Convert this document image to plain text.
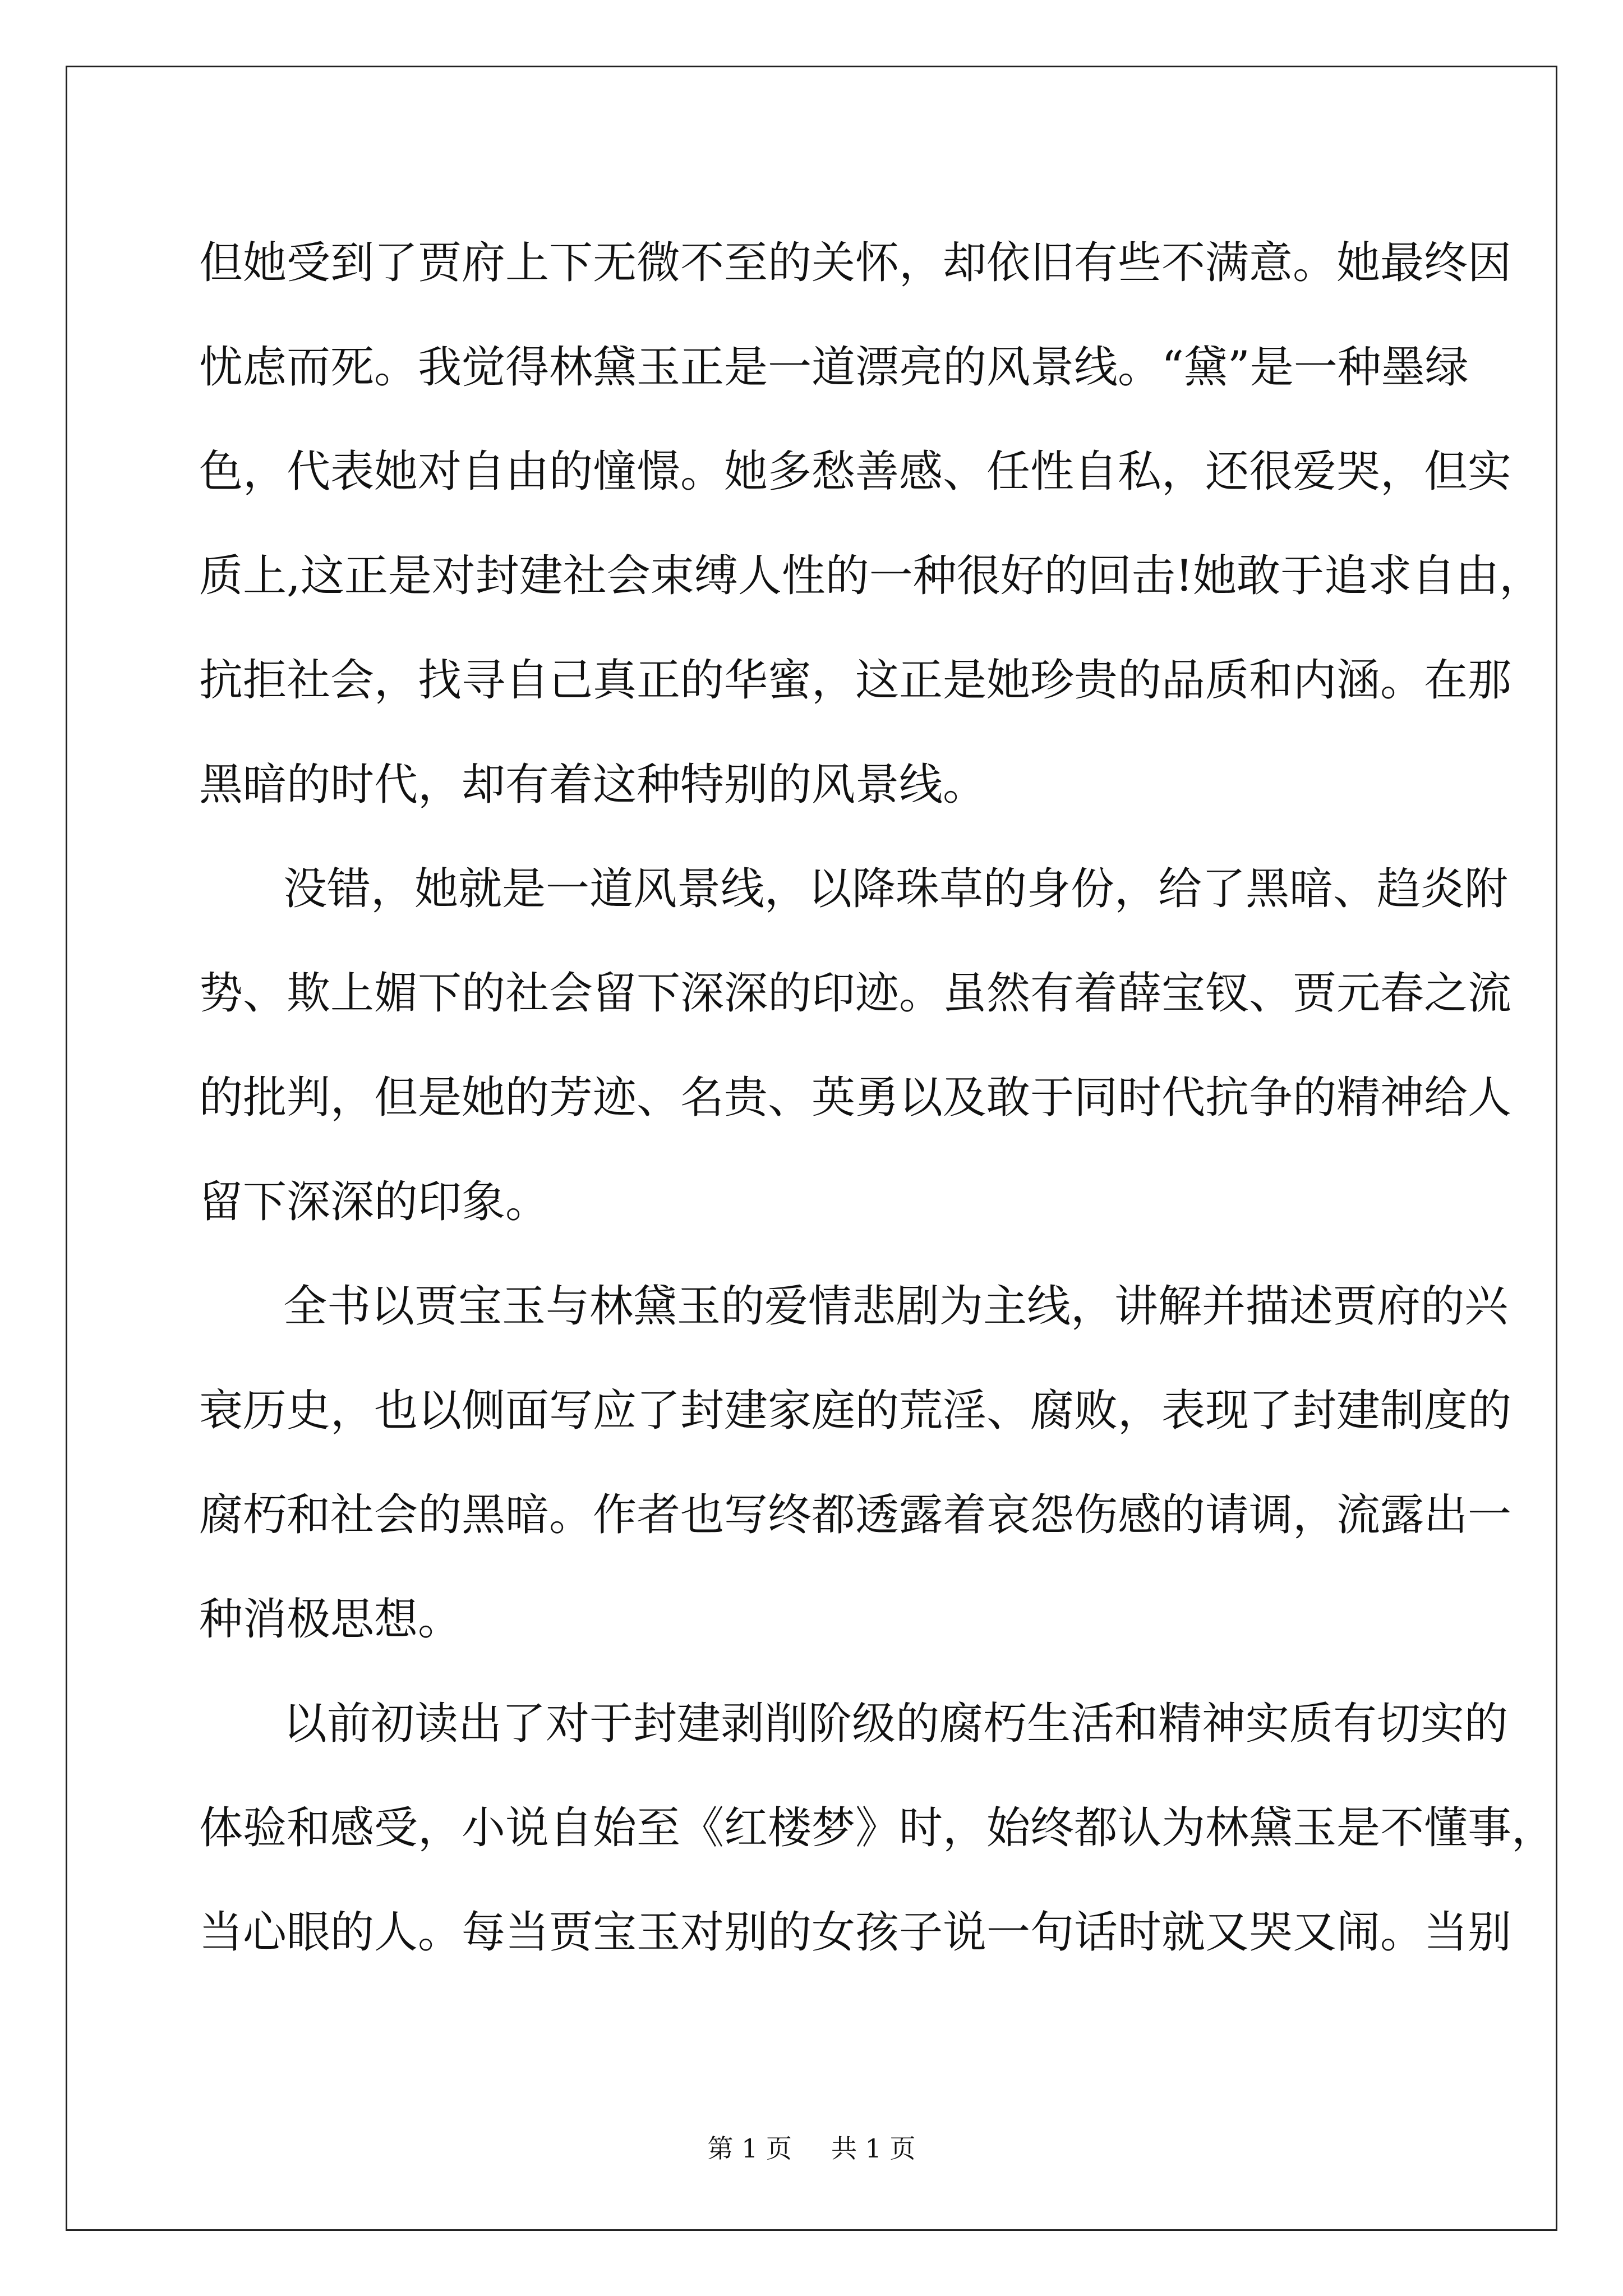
但她受到了贾府上下无微不至的关怀，却依旧有些不满意。她最终因
忧虑而死。我觉得林黛玉正是一道漂亮的风景线。“黛”是一种墨绿
色，代表她对自由的憧憬。她多愁善感、任性自私，还很爱哭，但实
质上,这正是对封建社会束缚人性的一种很好的回击!她敢于追求自由，
抗拒社会，找寻自己真正的华蜜，这正是她珍贵的品质和内涵。在那
黑暗的时代，却有着这种特别的风景线。
没错，她就是一道风景线，以降珠草的身份，给了黑暗、趋炎附
势、欺上媚下的社会留下深深的印迹。虽然有着薛宝钗、贾元春之流
的批判，但是她的芳迹、名贵、英勇以及敢于同时代抗争的精神给人
留下深深的印象。
全书以贾宝玉与林黛玉的爱情悲剧为主线，讲解并描述贾府的兴
衰历史，也以侧面写应了封建家庭的荒淫、腐败，表现了封建制度的
腐朽和社会的黑暗。作者也写终都透露着哀怨伤感的请调，流露出一
种消极思想。
以前初读出了对于封建剥削阶级的腐朽生活和精神实质有切实的
体验和感受，小说自始至《红楼梦》时，始终都认为林黛玉是不懂事，
当心眼的人。每当贾宝玉对别的女孩子说一句话时就又哭又闹。当别
第 1 页 共 1 页
